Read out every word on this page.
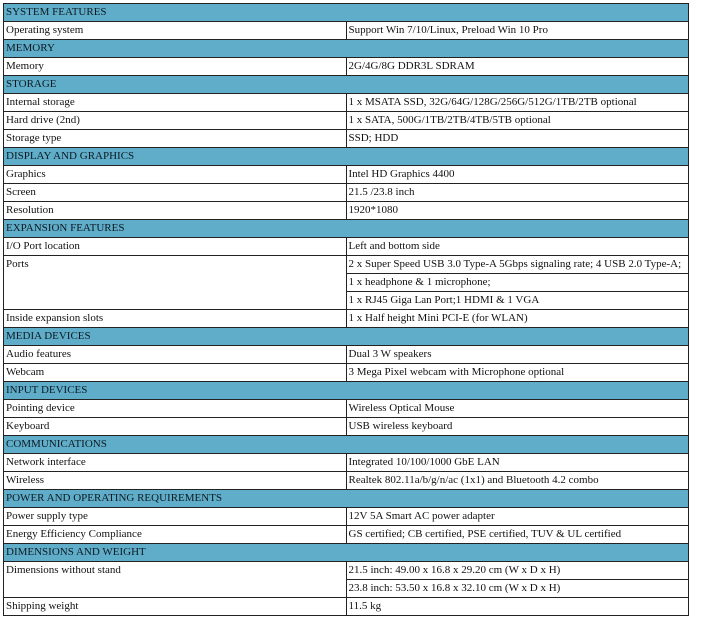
SYSTEM FEATURES	
Operating system	Support Win 7/10/Linux, Preload Win 10 Pro
MEMORY	
Memory	2G/4G/8G DDR3L SDRAM
STORAGE	
Internal storage	1 x MSATA SSD, 32G/64G/128G/256G/512G/1TB/2TB optional
Hard drive (2nd)	1 x SATA, 500G/1TB/2TB/4TB/5TB optional
Storage type	SSD; HDD
DISPLAY AND GRAPHICS	
Graphics	Intel HD Graphics 4400
Screen	21.5 /23.8 inch
Resolution	1920*1080
EXPANSION FEATURES	
I/O Port location	Left and bottom side
Ports	2 x Super Speed USB 3.0 Type-A 5Gbps signaling rate; 4 USB 2.0 Type-A;
	1 x headphone & 1 microphone;
	1 x RJ45 Giga Lan Port;1 HDMI & 1 VGA
Inside expansion slots	1 x Half height Mini PCI-E (for WLAN)
MEDIA DEVICES	
Audio features	Dual 3 W speakers
Webcam	3 Mega Pixel webcam with Microphone optional
INPUT DEVICES	
Pointing device	Wireless Optical Mouse
Keyboard	USB wireless keyboard
COMMUNICATIONS	
Network interface	Integrated 10/100/1000 GbE LAN
Wireless	Realtek 802.11a/b/g/n/ac (1x1) and Bluetooth 4.2 combo
POWER AND OPERATING REQUIREMENTS	
Power supply type	12V 5A Smart AC power adapter
Energy Efficiency Compliance	GS certified; CB certified, PSE certified, TUV & UL certified
DIMENSIONS AND WEIGHT	
Dimensions without stand	21.5 inch: 49.00 x 16.8 x 29.20 cm (W x D x H)
	23.8 inch: 53.50 x 16.8 x 32.10 cm (W x D x H)
Shipping weight	11.5 kg
